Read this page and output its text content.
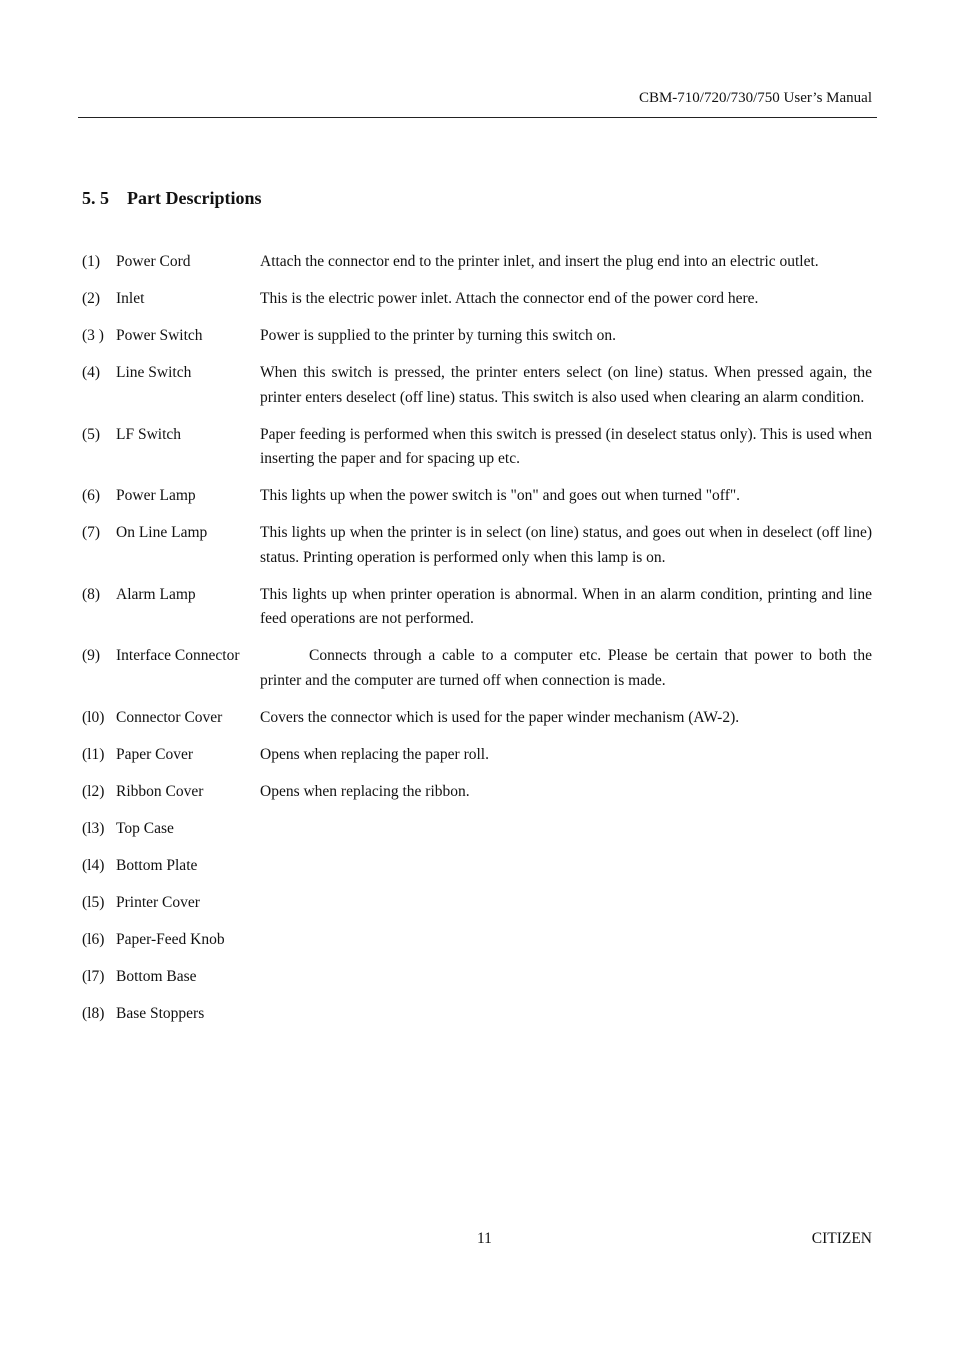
CBM-710/720/730/750 User’s Manual
5. 5 Part Descriptions
(1)	Power Cord	Attach the connector end to the printer inlet, and insert the plug end into an electric outlet.
(2)	Inlet	This is the electric power inlet. Attach the connector end of the power cord here.
(3 ) Power Switch	Power is supplied to the printer by turning this switch on.
(4)	Line Switch	When this switch is pressed, the printer enters select (on line) status. When pressed again, the printer enters deselect (off line) status. This switch is also used when clearing an alarm condition.
(5)	LF Switch	Paper feeding is performed when this switch is pressed (in deselect status only). This is used when inserting the paper and for spacing up etc.
(6)	Power Lamp	This lights up when the power switch is "on" and goes out when turned "off".
(7)	On Line Lamp	This lights up when the printer is in select (on line) status, and goes out when in deselect (off line) status. Printing operation is performed only when this lamp is on.
(8)	Alarm Lamp	This lights up when printer operation is abnormal. When in an alarm condition, printing and line feed operations are not performed.
(9)	Interface Connector	Connects through a cable to a computer etc. Please be certain that power to both the printer and the computer are turned off when connection is made.
(l0) Connector Cover	Covers the connector which is used for the paper winder mechanism (AW-2).
(l1) Paper Cover	Opens when replacing the paper roll.
(l2) Ribbon Cover	Opens when replacing the ribbon.
(l3) Top Case
(l4) Bottom Plate
(l5) Printer Cover
(l6) Paper-Feed Knob
(l7) Bottom Base
(l8) Base Stoppers
11	CITIZEN
